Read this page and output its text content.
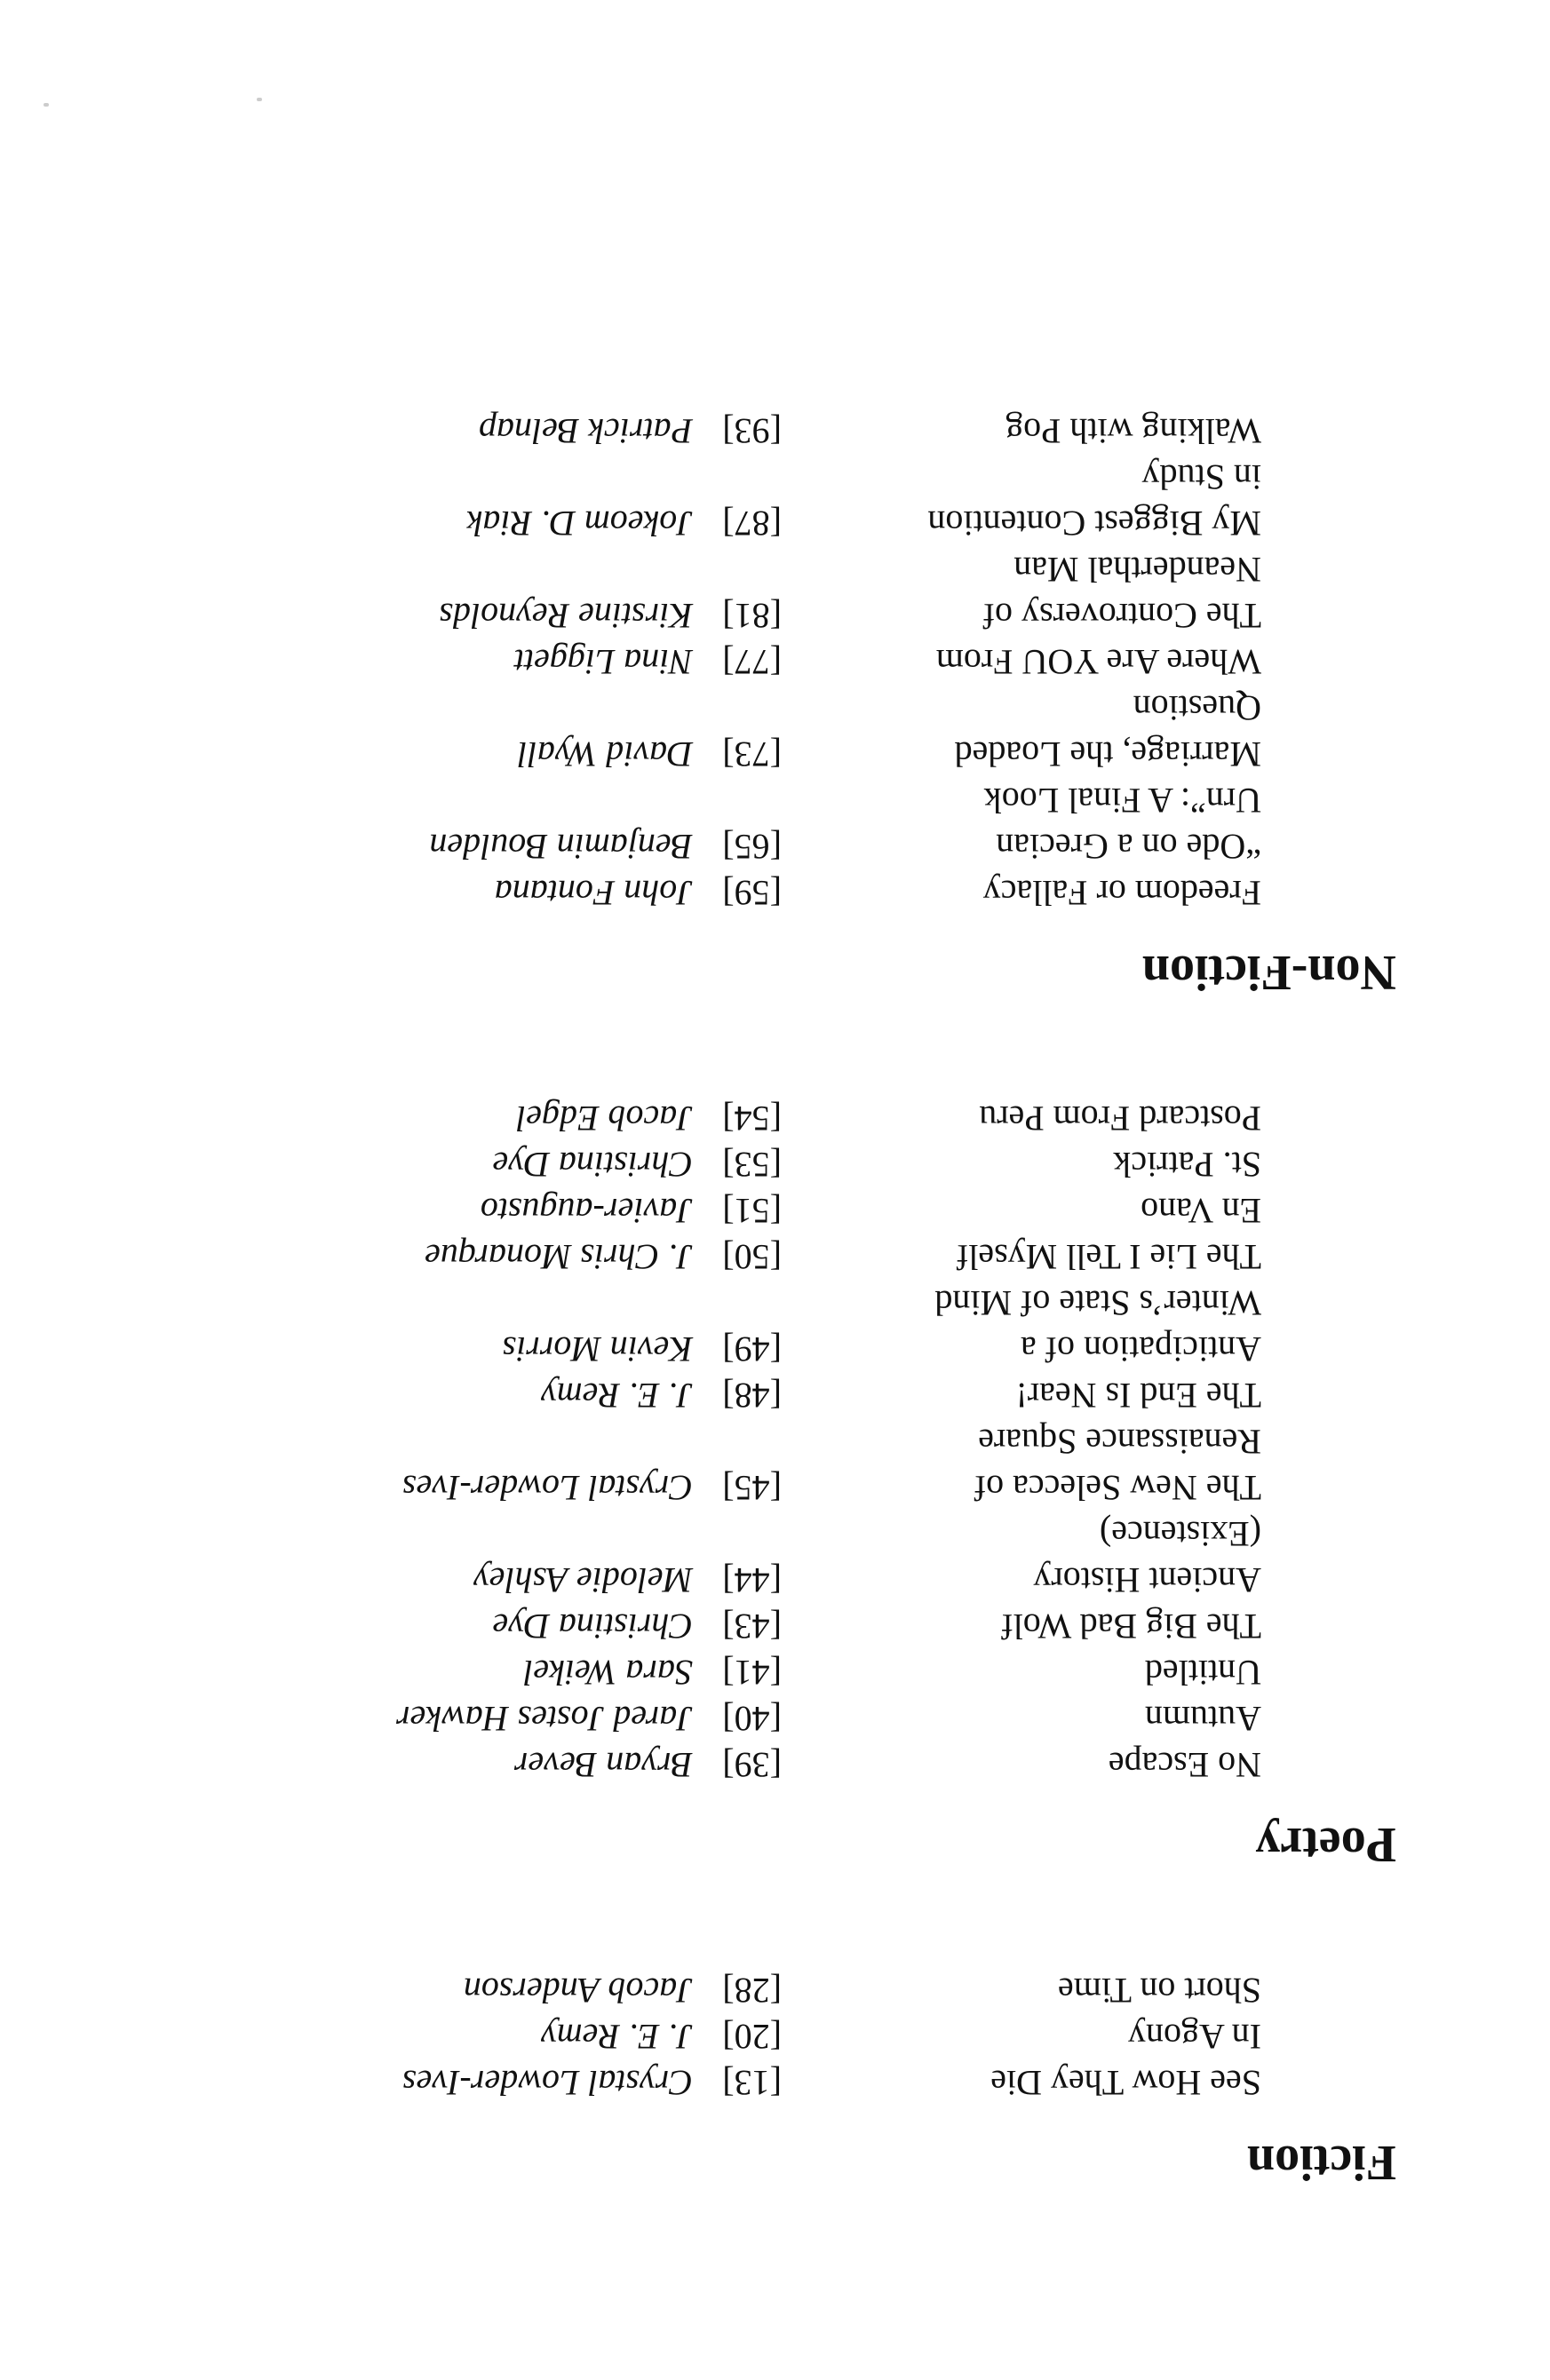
Fiction
See How They Die
[13]
Crystal Lowder-Ives
In Agony
[20]
J. E. Remy
Short on Time
[28]
Jacob Anderson
Poetry
No Escape
[39]
Bryan Bever
Autumn
[40]
Jared Jostes Hawker
Untitled
[41]
Sara Weikel
The Big Bad Wolf
[43]
Christina Dye
Ancient History
(Existence)
[44]
Melodie Ashley
The New Selecca of
Renaissance Square
[45]
Crystal Lowder-Ives
The End Is Near!
[48]
J. E. Remy
Anticipation of a
Winter’s State of Mind
[49]
Kevin Morris
The Lie I Tell Myself
[50]
J. Chris Monarque
En Vano
[51]
Javier-augusto
St. Patrick
[53]
Christina Dye
Postcard From Peru
[54]
Jacob Edgel
Non-Fiction
Freedom or Fallacy
[59]
John Fontana
“Ode on a Grecian
Urn”: A Final Look
[65]
Benjamin Boulden
Marriage, the Loaded
Question
[73]
David Wyall
Where Are YOU From
[77]
Nina Liggett
The Controversy of
Neanderthal Man
[81]
Kirstine Reynolds
My Biggest Contention
in Study
[87]
Jokeom D. Riak
Walking with Pog
[93]
Patrick Belnap
